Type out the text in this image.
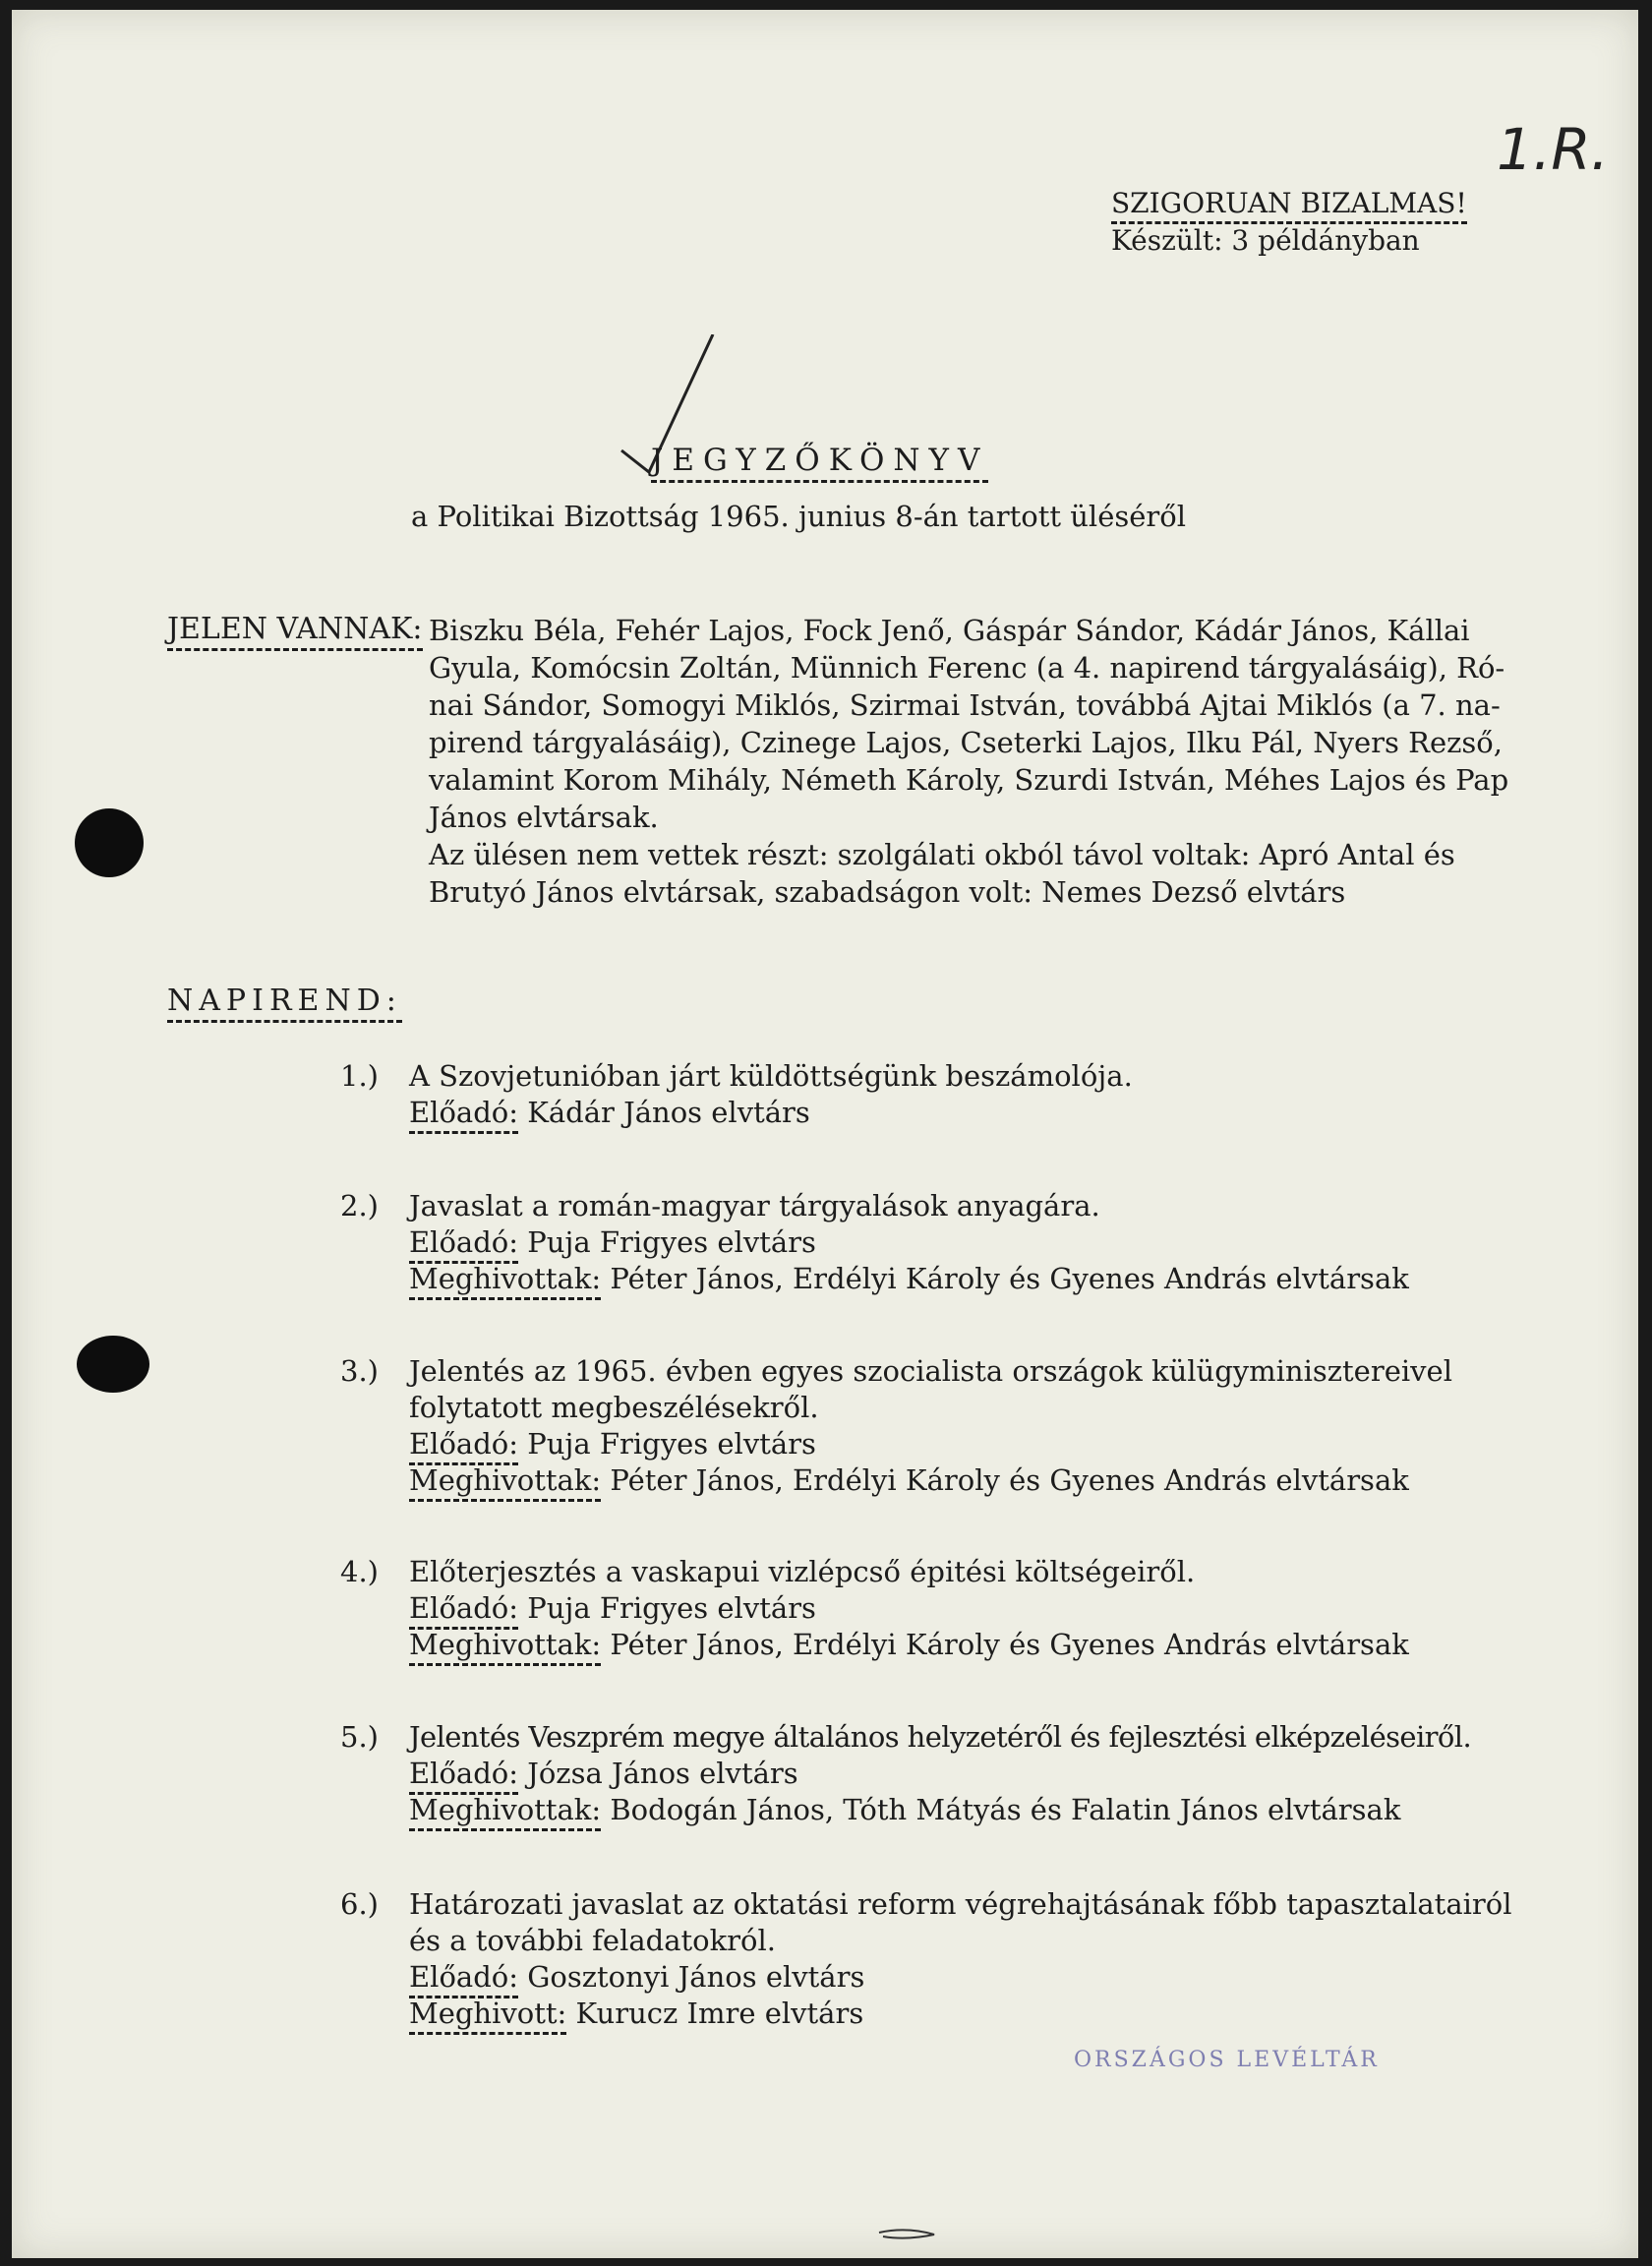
1.R.
SZIGORUAN BIZALMAS!
Készült: 3 példányban
JEGYZŐKÖNYV
a Politikai Bizottság 1965. junius 8-án tartott üléséről
JELEN VANNAK: Biszku Béla, Fehér Lajos, Fock Jenő, Gáspár Sándor, Kádár János, Kállai
Gyula, Komócsin Zoltán, Münnich Ferenc (a 4. napirend tárgyalásáig), Ró-
nai Sándor, Somogyi Miklós, Szirmai István, továbbá Ajtai Miklós (a 7. na-
pirend tárgyalásáig), Czinege Lajos, Cseterki Lajos, Ilku Pál, Nyers Rezső,
valamint Korom Mihály, Németh Károly, Szurdi István, Méhes Lajos és Pap
János elvtársak.
Az ülésen nem vettek részt: szolgálati okból távol voltak: Apró Antal és
Brutyó János elvtársak, szabadságon volt: Nemes Dezső elvtárs
NAPIREND:
1.) A Szovjetunióban járt küldöttségünk beszámolója.
Előadó: Kádár János elvtárs
2.) Javaslat a román-magyar tárgyalások anyagára.
Előadó: Puja Frigyes elvtárs
Meghivottak: Péter János, Erdélyi Károly és Gyenes András elvtársak
3.) Jelentés az 1965. évben egyes szocialista országok külügyminisztereivel
folytatott megbeszélésekről.
Előadó: Puja Frigyes elvtárs
Meghivottak: Péter János, Erdélyi Károly és Gyenes András elvtársak
4.) Előterjesztés a vaskapui vizlépcső épitési költségeiről.
Előadó: Puja Frigyes elvtárs
Meghivottak: Péter János, Erdélyi Károly és Gyenes András elvtársak
5.) Jelentés Veszprém megye általános helyzetéről és fejlesztési elképzeléseiről.
Előadó: Józsa János elvtárs
Meghivottak: Bodogán János, Tóth Mátyás és Falatin János elvtársak
6.) Határozati javaslat az oktatási reform végrehajtásának főbb tapasztalatairól
és a további feladatokról.
Előadó: Gosztonyi János elvtárs
Meghivott: Kurucz Imre elvtárs
ORSZÁGOS LEVÉLTÁR
